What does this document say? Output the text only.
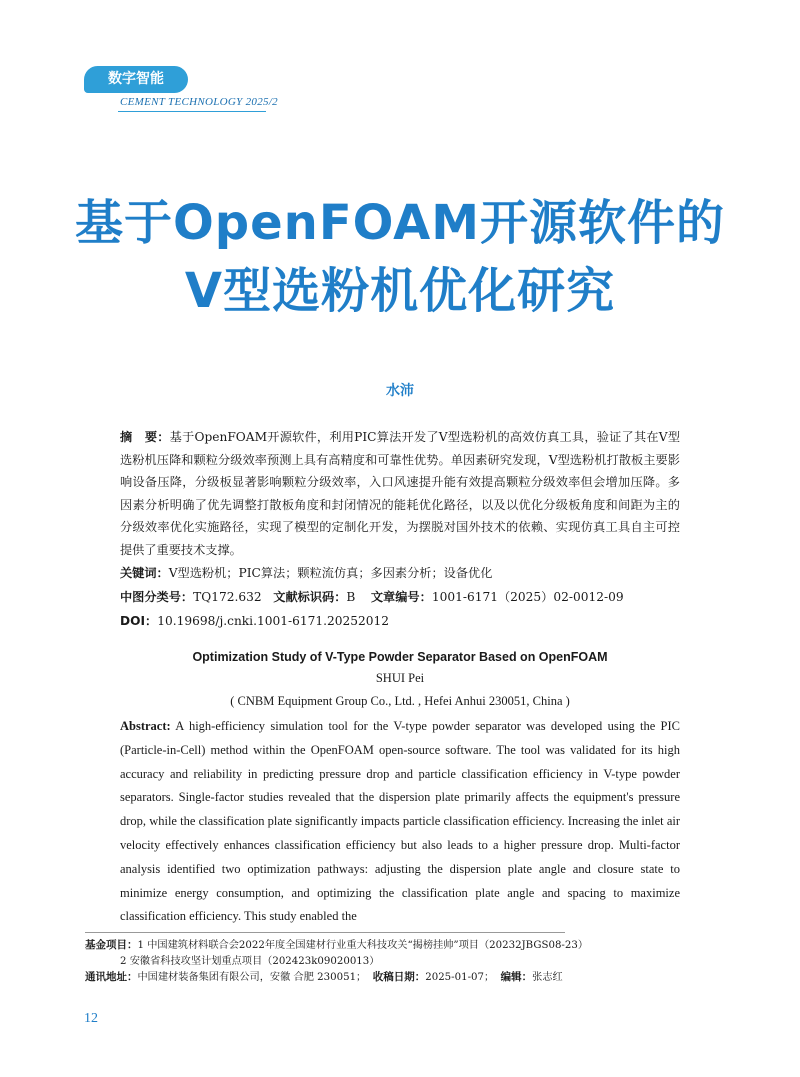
数字智能
CEMENT TECHNOLOGY 2025/2
基于OpenFOAM开源软件的
V型选粉机优化研究
水沛
摘　要：基于OpenFOAM开源软件，利用PIC算法开发了V型选粉机的高效仿真工具，验证了其在V型选粉机压降和颗粒分级效率预测上具有高精度和可靠性优势。单因素研究发现，V型选粉机打散板主要影响设备压降，分级板显著影响颗粒分级效率，入口风速提升能有效提高颗粒分级效率但会增加压降。多因素分析明确了优先调整打散板角度和封闭情况的能耗优化路径，以及以优化分级板角度和间距为主的分级效率优化实施路径，实现了模型的定制化开发，为摆脱对国外技术的依赖、实现仿真工具自主可控提供了重要技术支撑。
关键词：V型选粉机；PIC算法；颗粒流仿真；多因素分析；设备优化
中图分类号：TQ172.632 文献标识码：B 文章编号：1001-6171（2025）02-0012-09
DOI：10.19698/j.cnki.1001-6171.20252012
Optimization Study of V-Type Powder Separator Based on OpenFOAM
SHUI Pei
( CNBM Equipment Group Co., Ltd. , Hefei Anhui 230051, China )
Abstract: A high-efficiency simulation tool for the V-type powder separator was developed using the PIC (Particle-in-Cell) method within the OpenFOAM open-source software. The tool was validated for its high accuracy and reliability in predicting pressure drop and particle classification efficiency in V-type powder separators. Single-factor studies revealed that the dispersion plate primarily affects the equipment's pressure drop, while the classification plate significantly impacts particle classification efficiency. Increasing the inlet air velocity effectively enhances classification efficiency but also leads to a higher pressure drop. Multi-factor analysis identified two optimization pathways: adjusting the dispersion plate angle and closure state to minimize energy consumption, and optimizing the classification plate angle and spacing to maximize classification efficiency. This study enabled the
基金项目：1 中国建筑材料联合会2022年度全国建材行业重大科技攻关“揭榜挂帅”项目（20232JBGS08-23）
2 安徽省科技攻坚计划重点项目（202423k09020013）
通讯地址：中国建材装备集团有限公司，安徽 合肥 230051； 收稿日期：2025-01-07； 编辑：张志红
12
